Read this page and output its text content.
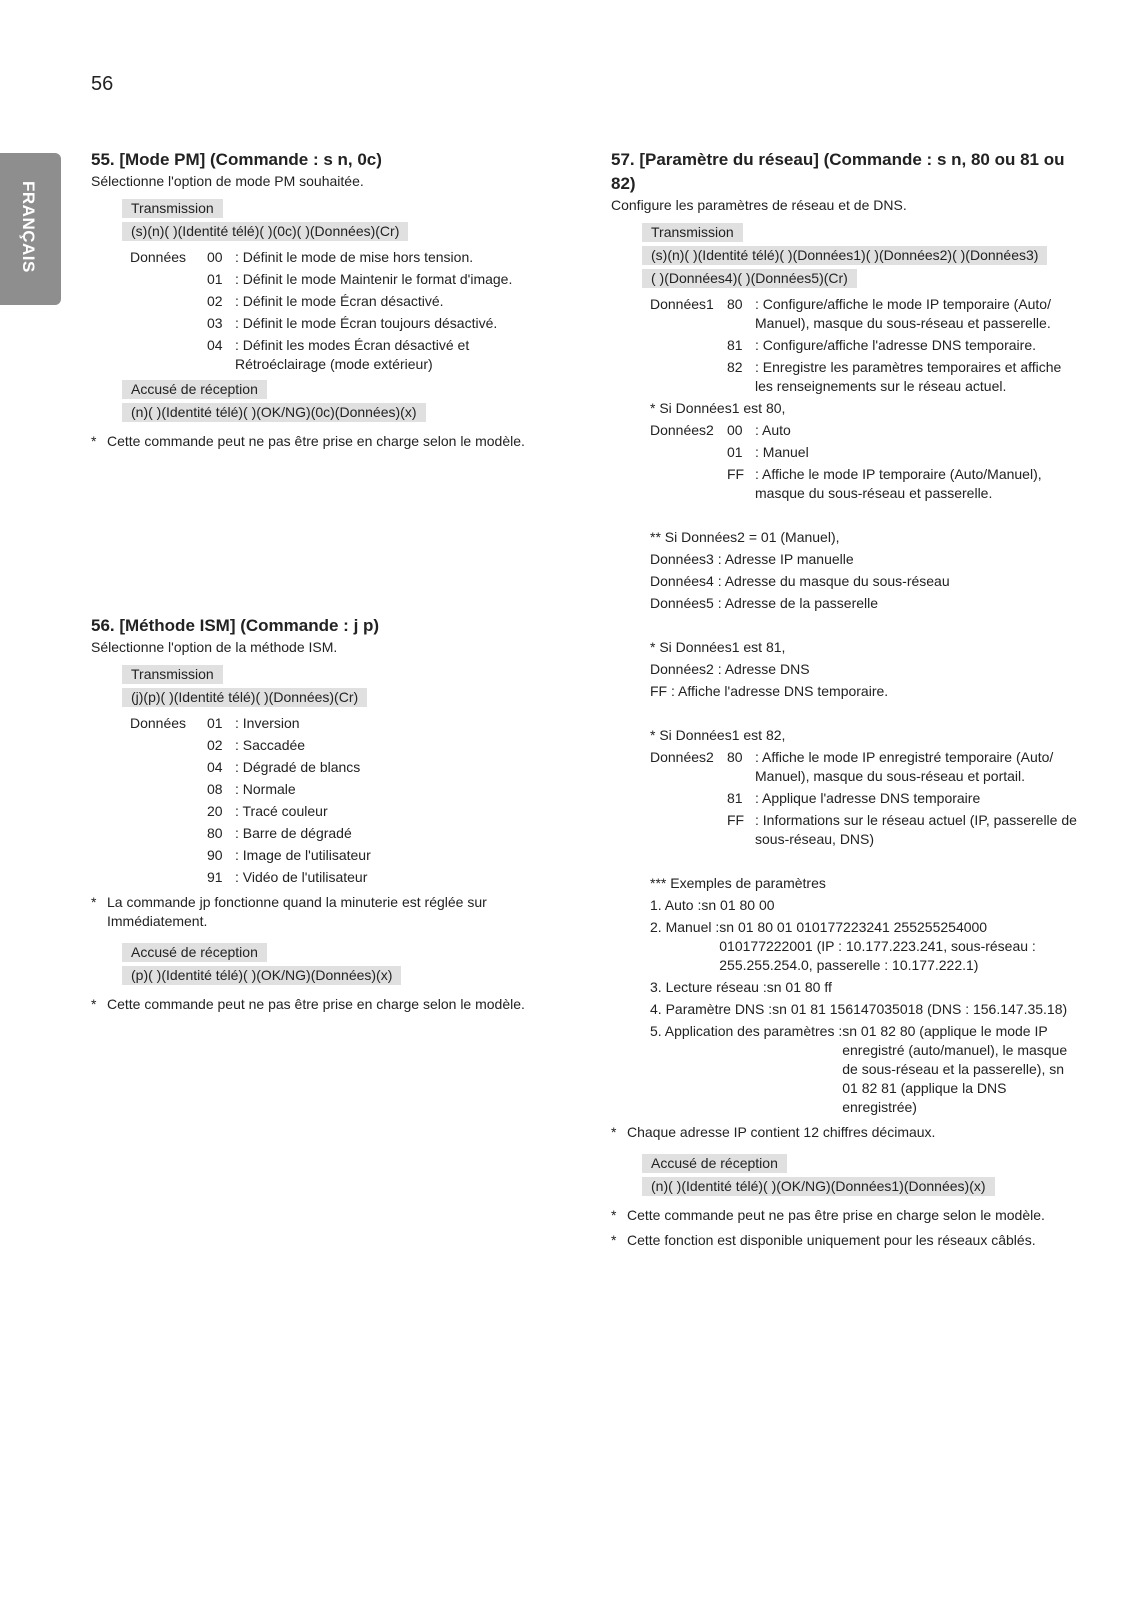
56
FRANÇAIS

55. [Mode PM] (Commande : s n, 0c)

Sélectionne l'option de mode PM souhaitée.

Transmission
(s)(n)( )(Identité télé)( )(0c)( )(Données)(Cr)
Données	00 : Définit le mode de mise hors tension.
01 : Définit le mode Maintenir le format d'image.
02 : Définit le mode Écran désactivé.
03 : Définit le mode Écran toujours désactivé.
04 : Définit les modes Écran désactivé et Rétroéclairage (mode extérieur)
Accusé de réception
(n)( )(Identité télé)( )(OK/NG)(0c)(Données)(x)
* Cette commande peut ne pas être prise en charge selon le modèle.

56. [Méthode ISM] (Commande : j p)

Sélectionne l'option de la méthode ISM.

Transmission
(j)(p)( )(Identité télé)( )(Données)(Cr)
Données	01 : Inversion
02 : Saccadée
04 : Dégradé de blancs
08 : Normale
20 : Tracé couleur
80 : Barre de dégradé
90 : Image de l'utilisateur
91 : Vidéo de l'utilisateur
* La commande jp fonctionne quand la minuterie est réglée sur Immédiatement.
Accusé de réception
(p)( )(Identité télé)( )(OK/NG)(Données)(x)
* Cette commande peut ne pas être prise en charge selon le modèle.

57. [Paramètre du réseau] (Commande : s n, 80 ou 81 ou 82)

Configure les paramètres de réseau et de DNS.

Transmission
(s)(n)( )(Identité télé)( )(Données1)( )(Données2)( )(Données3)
( )(Données4)( )(Données5)(Cr)
Données1 80 : Configure/affiche le mode IP temporaire (Auto/ Manuel), masque du sous-réseau et passerelle.
81 : Configure/affiche l'adresse DNS temporaire.
82 : Enregistre les paramètres temporaires et affiche les renseignements sur le réseau actuel.
* Si Données1 est 80,
Données2 00 : Auto
01 : Manuel
FF : Affiche le mode IP temporaire (Auto/Manuel), masque du sous-réseau et passerelle.
** Si Données2 = 01 (Manuel),
Données3 : Adresse IP manuelle
Données4 : Adresse du masque du sous-réseau
Données5 : Adresse de la passerelle
* Si Données1 est 81,
Données2 : Adresse DNS
FF : Affiche l'adresse DNS temporaire.
* Si Données1 est 82,
Données2 80 : Affiche le mode IP enregistré temporaire (Auto/ Manuel), masque du sous-réseau et portail.
81 : Applique l'adresse DNS temporaire
FF : Informations sur le réseau actuel (IP, passerelle de sous-réseau, DNS)
*** Exemples de paramètres
1. Auto : sn 01 80 00
2. Manuel : sn 01 80 01 010177223241 255255254000 010177222001 (IP : 10.177.223.241, sous-réseau : 255.255.254.0, passerelle : 10.177.222.1)
3. Lecture réseau : sn 01 80 ff
4. Paramètre DNS : sn 01 81 156147035018 (DNS : 156.147.35.18)
5. Application des paramètres : sn 01 82 80 (applique le mode IP enregistré (auto/manuel), le masque de sous-réseau et la passerelle), sn 01 82 81 (applique la DNS enregistrée)
* Chaque adresse IP contient 12 chiffres décimaux.
Accusé de réception
(n)( )(Identité télé)( )(OK/NG)(Données1)(Données)(x)
* Cette commande peut ne pas être prise en charge selon le modèle.
* Cette fonction est disponible uniquement pour les réseaux câblés.
